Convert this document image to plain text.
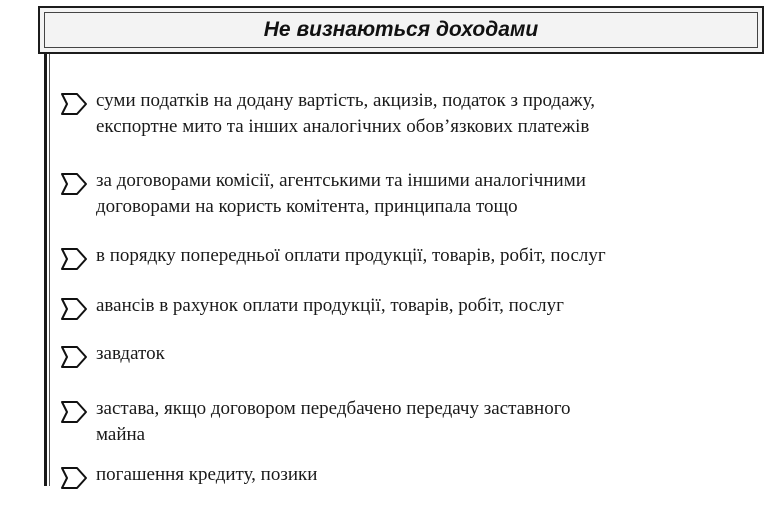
Не визнаються доходами
суми податків на додану вартість, акцизів, податок з продажу,
експортне мито та інших аналогічних обов’язкових платежів
за договорами комісії, агентськими та іншими аналогічними
договорами на користь комітента, принципала тощо
в порядку попередньої оплати продукції, товарів, робіт, послуг
авансів в рахунок оплати продукції, товарів, робіт, послуг
завдаток
застава, якщо договором передбачено передачу заставного
майна
погашення кредиту, позики
